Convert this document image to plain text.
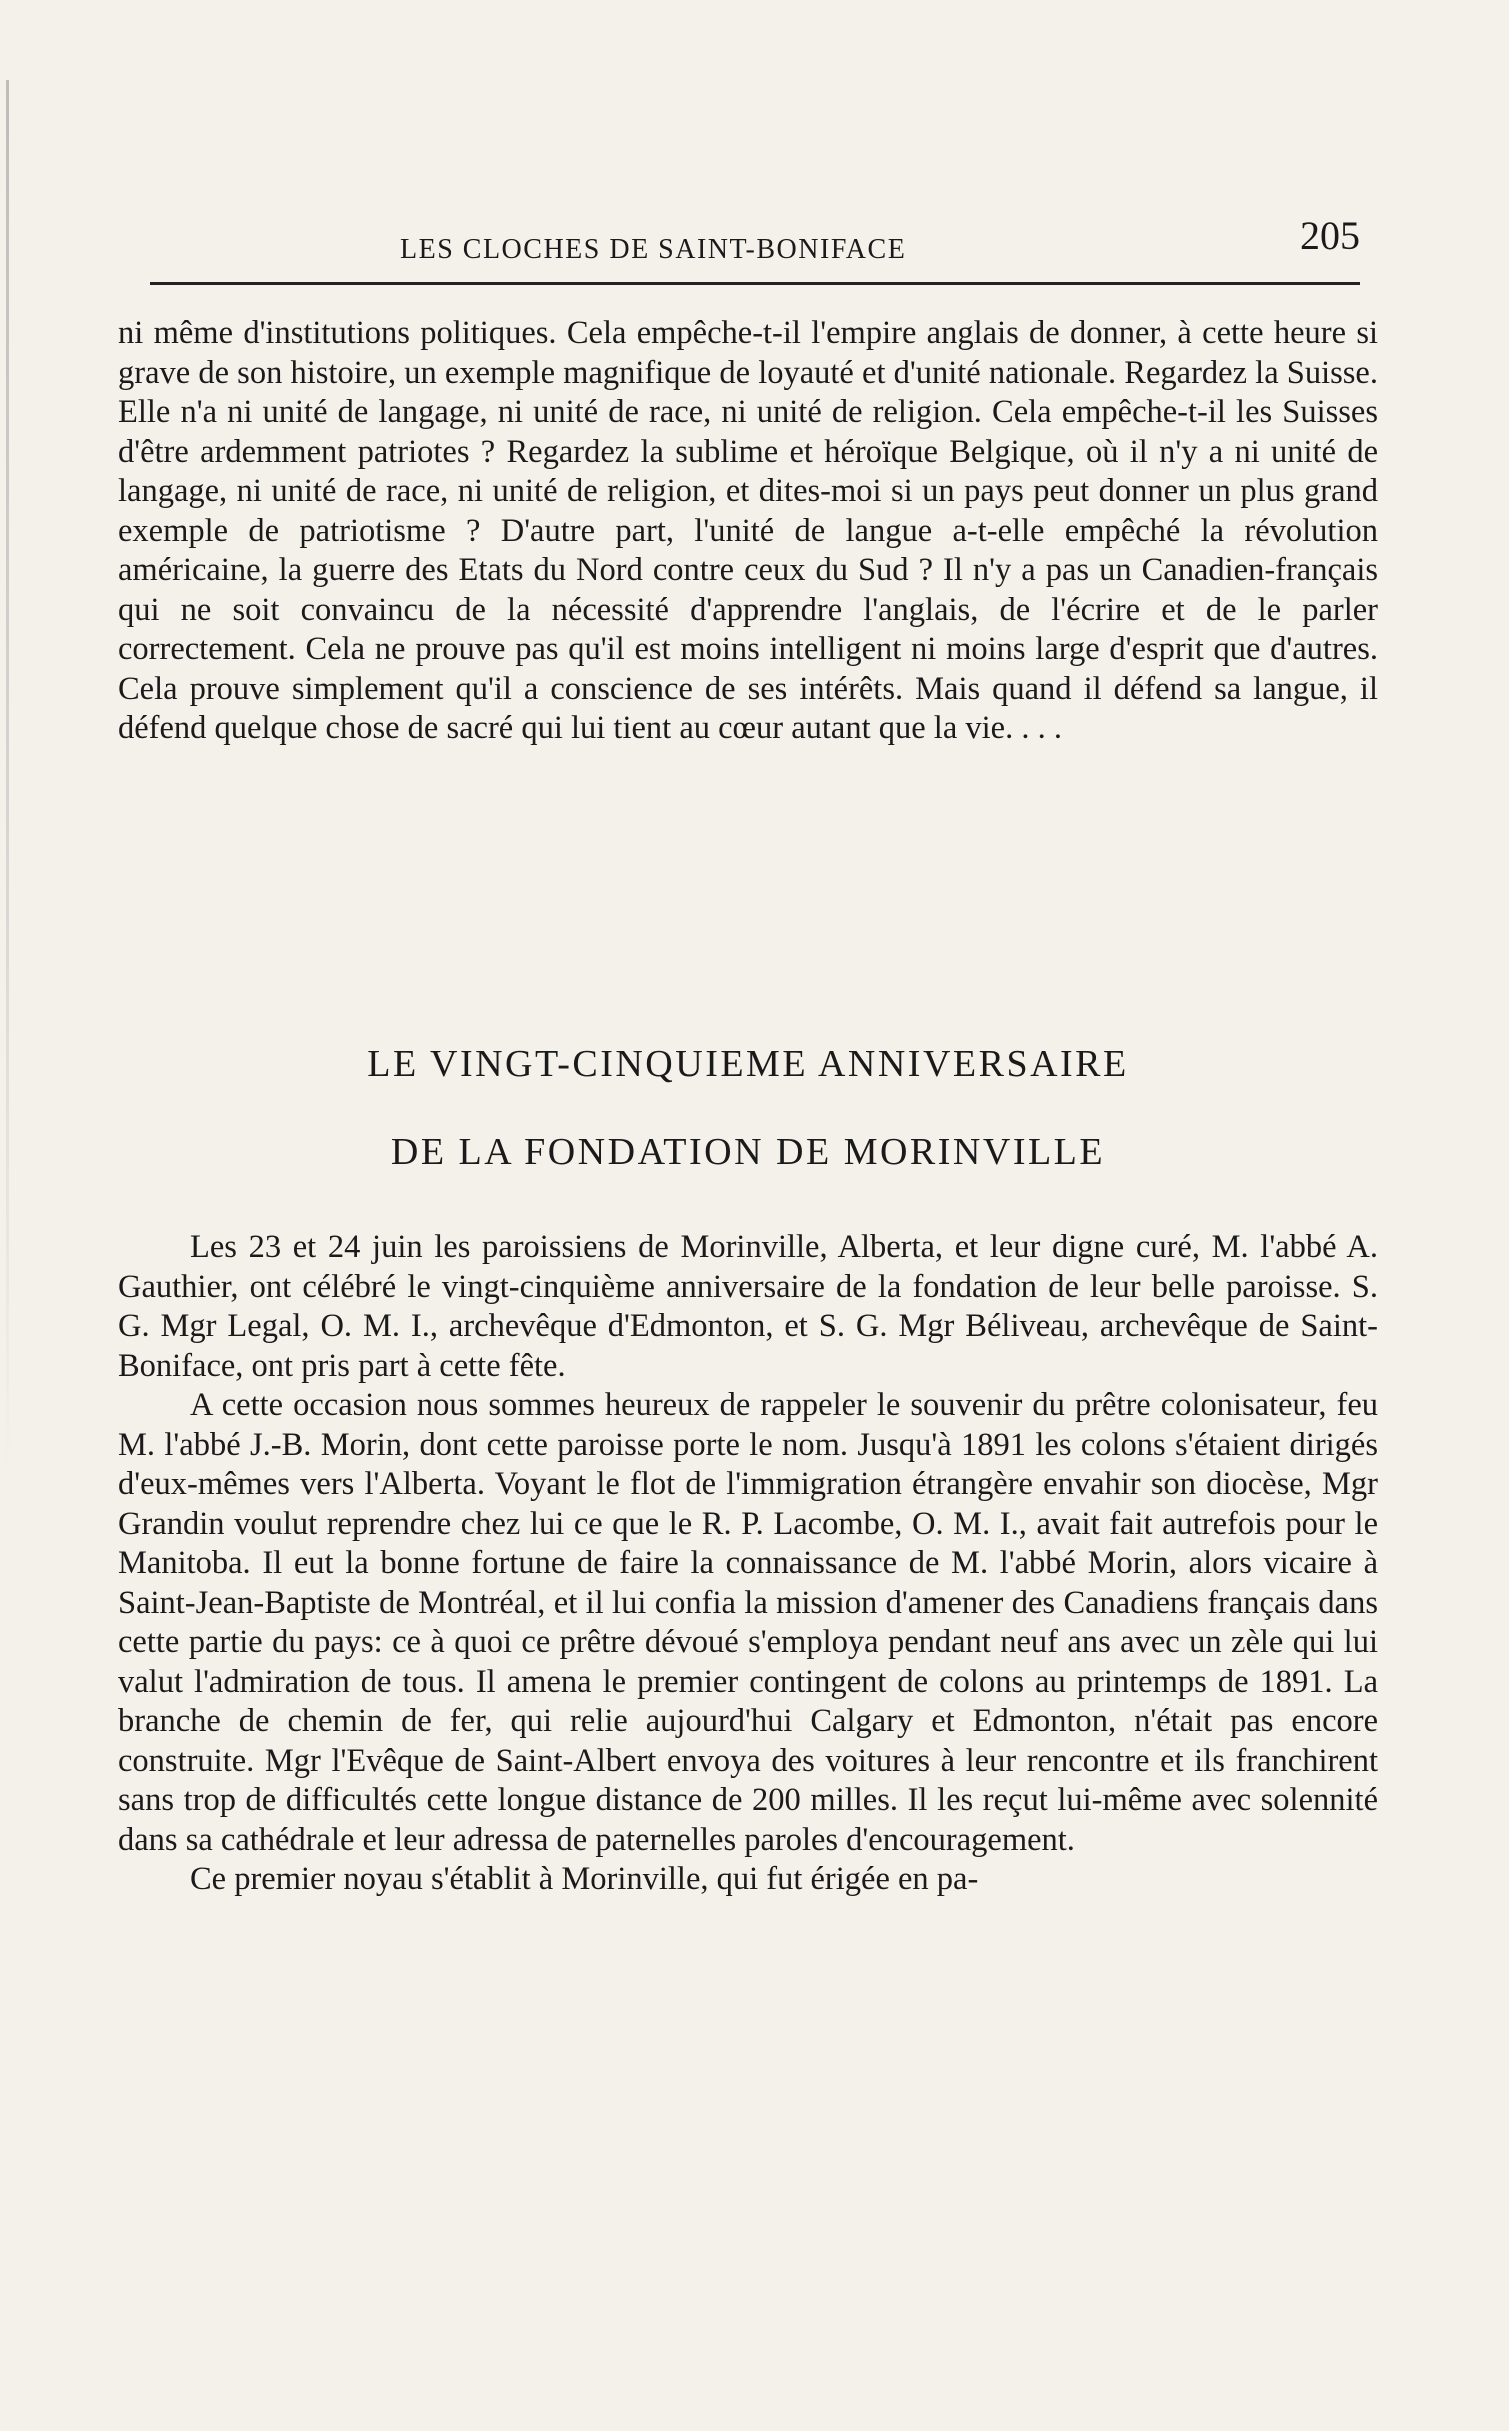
LES CLOCHES DE SAINT-BONIFACE	205

ni même d'institutions politiques. Cela empêche-t-il l'empire anglais de donner, à cette heure si grave de son histoire, un exemple magnifique de loyauté et d'unité nationale. Regardez la Suisse. Elle n'a ni unité de langage, ni unité de race, ni unité de religion. Cela empêche-t-il les Suisses d'être ardemment patriotes ? Regardez la sublime et héroïque Belgique, où il n'y a ni unité de langage, ni unité de race, ni unité de religion, et dites-moi si un pays peut donner un plus grand exemple de patriotisme ? D'autre part, l'unité de langue a-t-elle empêché la révolution américaine, la guerre des Etats du Nord contre ceux du Sud ? Il n'y a pas un Canadien-français qui ne soit convaincu de la nécessité d'apprendre l'anglais, de l'écrire et de le parler correctement. Cela ne prouve pas qu'il est moins intelligent ni moins large d'esprit que d'autres. Cela prouve simplement qu'il a conscience de ses intérêts. Mais quand il défend sa langue, il défend quelque chose de sacré qui lui tient au cœur autant que la vie. . . .

LE VINGT-CINQUIEME ANNIVERSAIRE
DE LA FONDATION DE MORINVILLE

Les 23 et 24 juin les paroissiens de Morinville, Alberta, et leur digne curé, M. l'abbé A. Gauthier, ont célébré le vingt-cinquième anniversaire de la fondation de leur belle paroisse. S. G. Mgr Legal, O. M. I., archevêque d'Edmonton, et S. G. Mgr Béliveau, archevêque de Saint-Boniface, ont pris part à cette fête.

A cette occasion nous sommes heureux de rappeler le souvenir du prêtre colonisateur, feu M. l'abbé J.-B. Morin, dont cette paroisse porte le nom. Jusqu'à 1891 les colons s'étaient dirigés d'eux-mêmes vers l'Alberta. Voyant le flot de l'immigration étrangère envahir son diocèse, Mgr Grandin voulut reprendre chez lui ce que le R. P. Lacombe, O. M. I., avait fait autrefois pour le Manitoba. Il eut la bonne fortune de faire la connaissance de M. l'abbé Morin, alors vicaire à Saint-Jean-Baptiste de Montréal, et il lui confia la mission d'amener des Canadiens français dans cette partie du pays: ce à quoi ce prêtre dévoué s'employa pendant neuf ans avec un zèle qui lui valut l'admiration de tous. Il amena le premier contingent de colons au printemps de 1891. La branche de chemin de fer, qui relie aujourd'hui Calgary et Edmonton, n'était pas encore construite. Mgr l'Evêque de Saint-Albert envoya des voitures à leur rencontre et ils franchirent sans trop de difficultés cette longue distance de 200 milles. Il les reçut lui-même avec solennité dans sa cathédrale et leur adressa de paternelles paroles d'encouragement.

Ce premier noyau s'établit à Morinville, qui fut érigée en pa-
